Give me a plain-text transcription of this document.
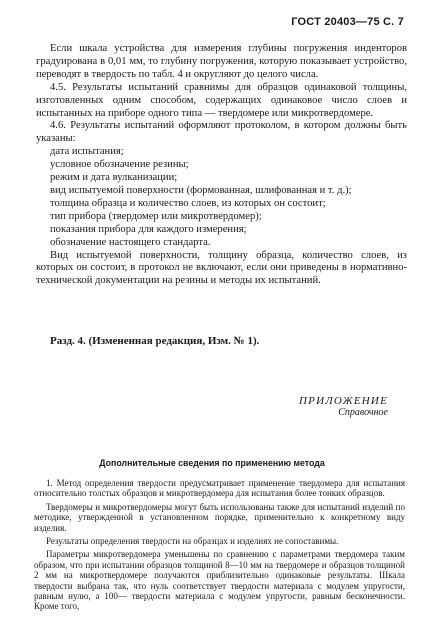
ГОСТ 20403—75 С. 7

Если шкала устройства для измерения глубины погружения инденторов градуирована в 0,01 мм, то глубину погружения, которую показывает устройство, переводят в твердость по табл. 4 и округляют до целого числа.

4.5. Результаты испытаний сравнимы для образцов одинаковой толщины, изготовленных одним способом, содержащих одинаковое число слоев и испытанных на приборе одного типа — твердомере или микротвердомере.

4.6. Результаты испытаний оформляют протоколом, в котором должны быть указаны:

дата испытания;

условное обозначение резины;

режим и дата вулканизации;

вид испытуемой поверхности (формованная, шлифованная и т. д.);

толщина образца и количество слоев, из которых он состоит;

тип прибора (твердомер или микротвердомер);

показания прибора для каждого измерения;

обозначение настоящего стандарта.

Вид испытуемой поверхности, толщину образца, количество слоев, из которых он состоит, в протокол не включают, если они приведены в нормативно-технической документации на резины и методы их испытаний.

Разд. 4. (Измененная редакция, Изм. № 1).
ПРИЛОЖЕНИЕ
Справочное
Дополнительные сведения по применению метода

1. Метод определения твердости предусматривает применение твердомера для испытания относительно толстых образцов и микротвердомера для испытания более тонких образцов.

Твердомеры и микротвердомеры могут быть использованы также для испытаний изделий по методике, утвержденной в установленном порядке, применительно к конкретному виду изделия.

Результаты определения твердости на образцах и изделиях не сопоставимы.

Параметры микротвердомера уменьшены по сравнению с параметрами твердомера таким образом, что при испытании образцов толщиной 8—10 мм на твердомере и образцов толщиной 2 мм на микротвердомере получаются приблизительно одинаковые результаты. Шкала твердости выбрана так, что нуль соответствует твердости материала с модулем упругости, равным нулю, а 100— твердости материала с модулем упругости, равным бесконечности. Кроме того,
